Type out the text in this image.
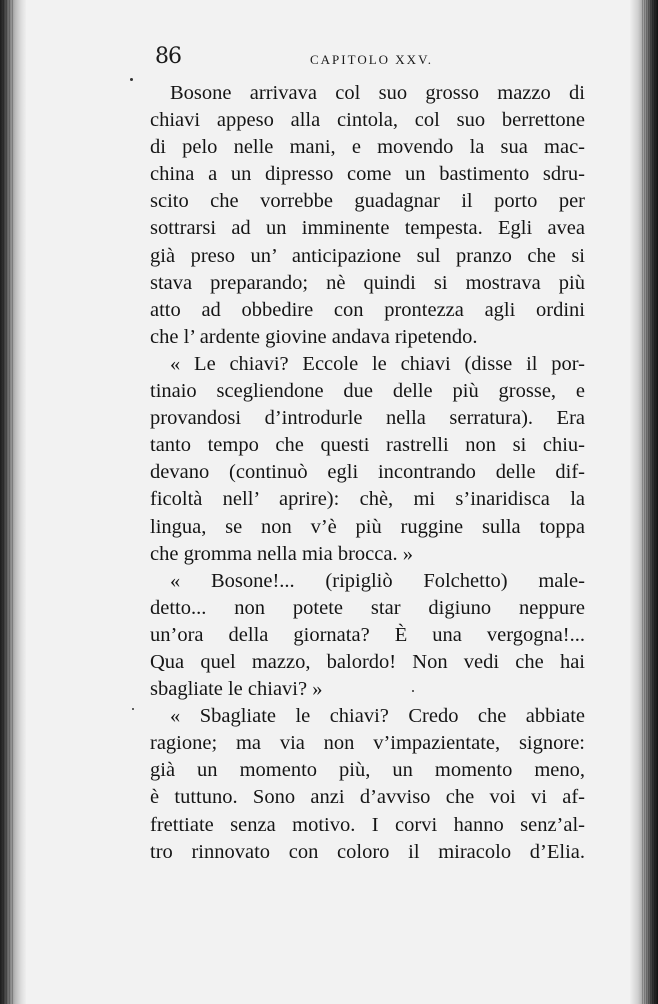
86	CAPITOLO XXV.
Bosone arrivava col suo grosso mazzo di
chiavi appeso alla cintola, col suo berrettone
di pelo nelle mani, e movendo la sua mac-
china a un dipresso come un bastimento sdru-
scito che vorrebbe guadagnar il porto per
sottrarsi ad un imminente tempesta. Egli avea
già preso un’ anticipazione sul pranzo che si
stava preparando; nè quindi si mostrava più
atto ad obbedire con prontezza agli ordini
che l’ ardente giovine andava ripetendo.
« Le chiavi? Eccole le chiavi (disse il por-
tinaio scegliendone due delle più grosse, e
provandosi d’introdurle nella serratura). Era
tanto tempo che questi rastrelli non si chiu-
devano (continuò egli incontrando delle dif-
ficoltà nell’ aprire): chè, mi s’inaridisca la
lingua, se non v’è più ruggine sulla toppa
che gromma nella mia brocca. »
« Bosone!... (ripigliò Folchetto) male-
detto... non potete star digiuno neppure
un’ora della giornata? È una vergogna!...
Qua quel mazzo, balordo! Non vedi che hai
sbagliate le chiavi? »
« Sbagliate le chiavi? Credo che abbiate
ragione; ma via non v’impazientate, signore:
già un momento più, un momento meno,
è tuttuno. Sono anzi d’avviso che voi vi af-
frettiate senza motivo. I corvi hanno senz’al-
tro rinnovato con coloro il miracolo d’Elia.
